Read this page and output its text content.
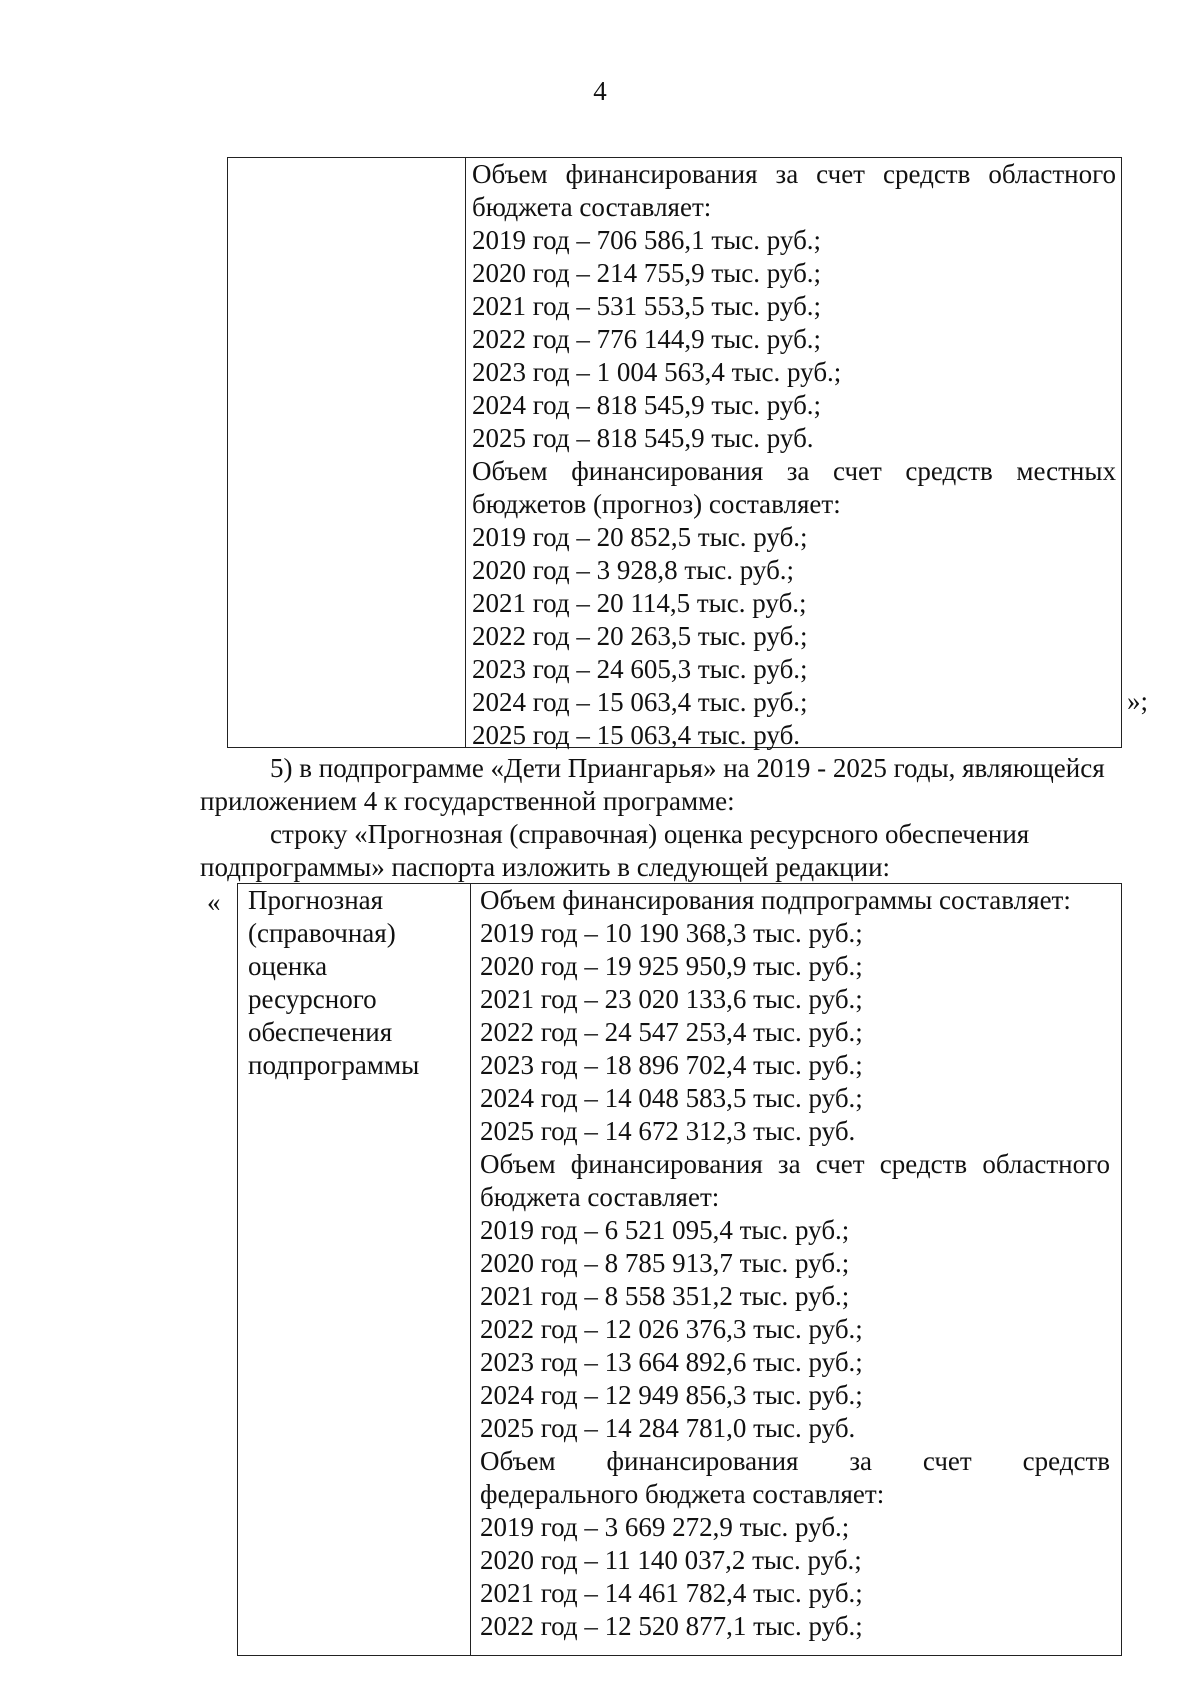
4
Объем финансирования за счет средств областного
бюджета составляет:
2019 год – 706 586,1 тыс. руб.;
2020 год – 214 755,9 тыс. руб.;
2021 год – 531 553,5 тыс. руб.;
2022 год – 776 144,9 тыс. руб.;
2023 год – 1 004 563,4 тыс. руб.;
2024 год – 818 545,9 тыс. руб.;
2025 год – 818 545,9 тыс. руб.
Объем финансирования за счет средств местных
бюджетов (прогноз) составляет:
2019 год – 20 852,5 тыс. руб.;
2020 год – 3 928,8 тыс. руб.;
2021 год – 20 114,5 тыс. руб.;
2022 год – 20 263,5 тыс. руб.;
2023 год – 24 605,3 тыс. руб.;
2024 год – 15 063,4 тыс. руб.;
2025 год – 15 063,4 тыс. руб.
»;
5) в подпрограмме «Дети Приангарья» на 2019 - 2025 годы, являющейся
приложением 4 к государственной программе:
строку «Прогнозная (справочная) оценка ресурсного обеспечения
подпрограммы» паспорта изложить в следующей редакции:
« Прогнозная
(справочная)
оценка
ресурсного
обеспечения
подпрограммы
Объем финансирования подпрограммы составляет:
2019 год – 10 190 368,3 тыс. руб.;
2020 год – 19 925 950,9 тыс. руб.;
2021 год – 23 020 133,6 тыс. руб.;
2022 год – 24 547 253,4 тыс. руб.;
2023 год – 18 896 702,4 тыс. руб.;
2024 год – 14 048 583,5 тыс. руб.;
2025 год – 14 672 312,3 тыс. руб.
Объем финансирования за счет средств областного
бюджета составляет:
2019 год – 6 521 095,4 тыс. руб.;
2020 год – 8 785 913,7 тыс. руб.;
2021 год – 8 558 351,2 тыс. руб.;
2022 год – 12 026 376,3 тыс. руб.;
2023 год – 13 664 892,6 тыс. руб.;
2024 год – 12 949 856,3 тыс. руб.;
2025 год – 14 284 781,0 тыс. руб.
Объем финансирования за счет средств
федерального бюджета составляет:
2019 год – 3 669 272,9 тыс. руб.;
2020 год – 11 140 037,2 тыс. руб.;
2021 год – 14 461 782,4 тыс. руб.;
2022 год – 12 520 877,1 тыс. руб.;
